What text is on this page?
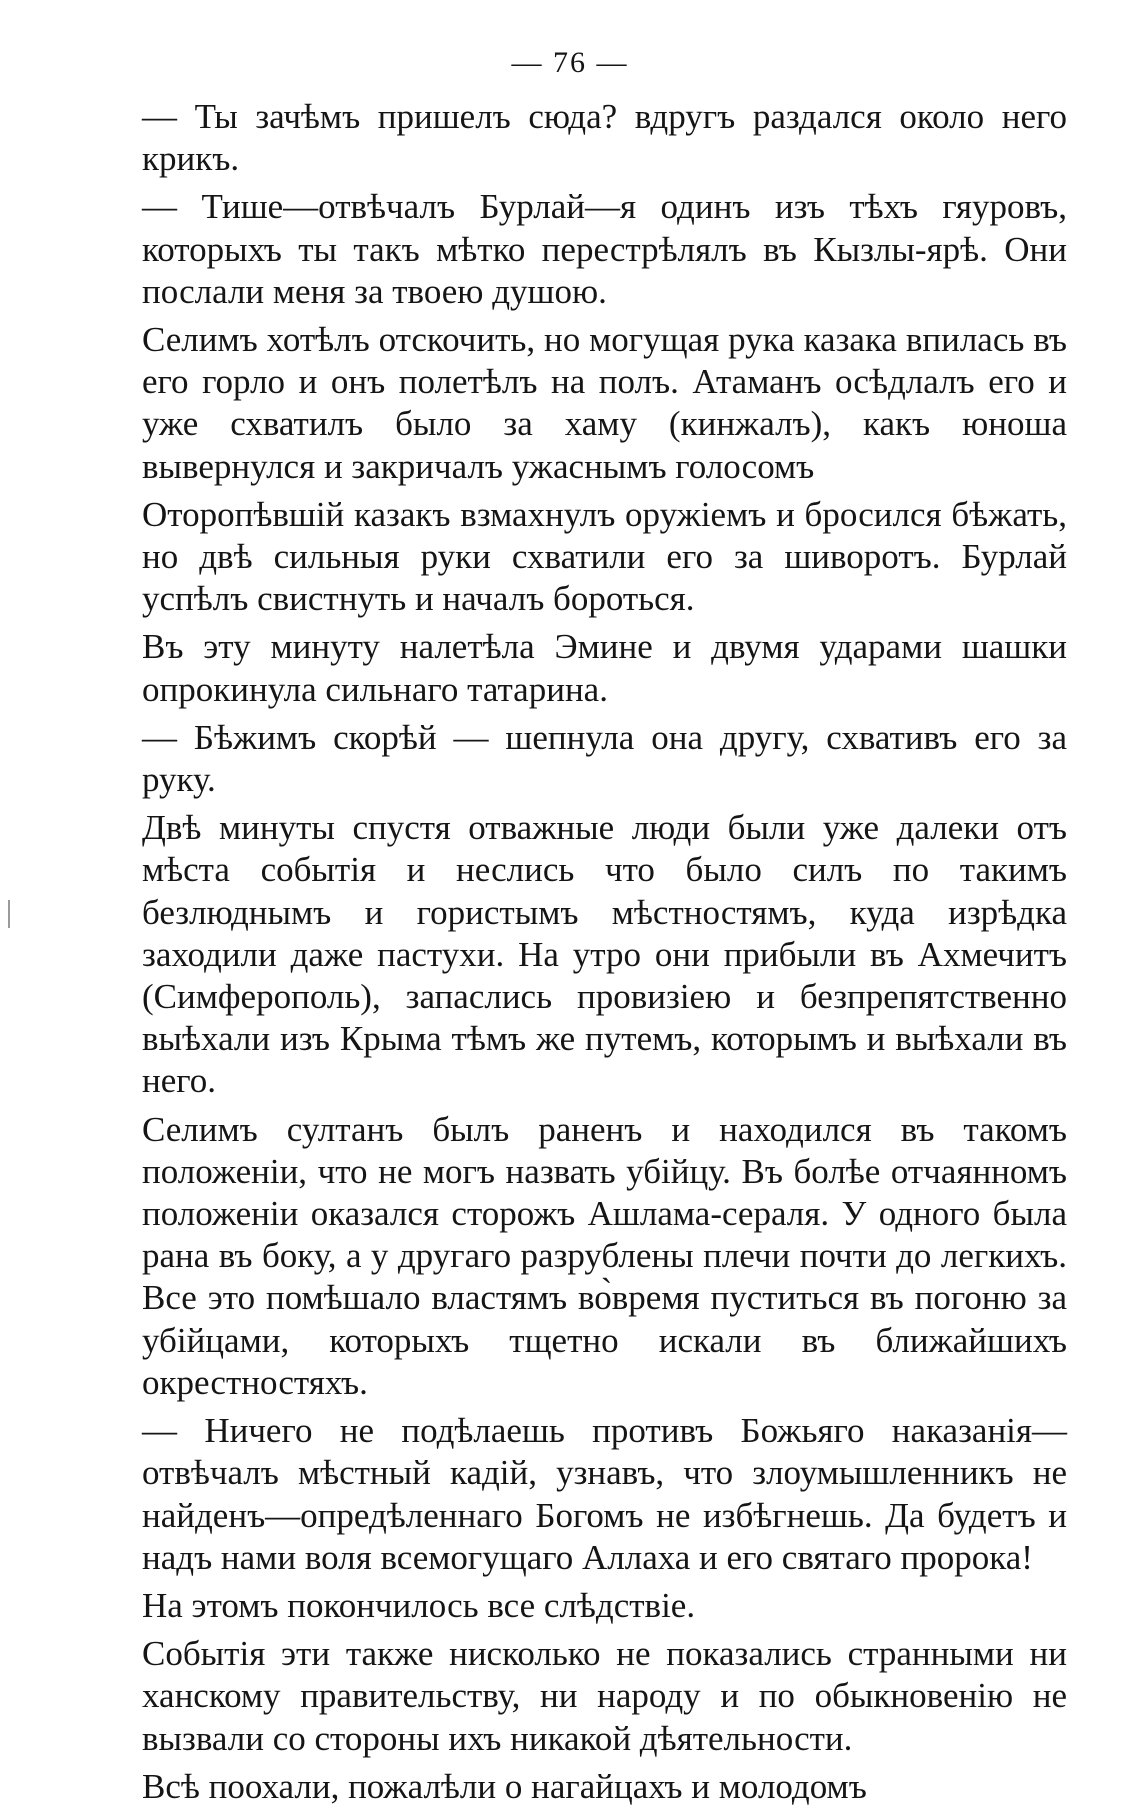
— 76 —

— Ты зачѣмъ пришелъ сюда? вдругъ раздался около него крикъ.

— Тише—отвѣчалъ Бурлай—я одинъ изъ тѣхъ гяуровъ, которыхъ ты такъ мѣтко перестрѣлялъ въ Кызлы-ярѣ. Они послали меня за твоею душою.

Селимъ хотѣлъ отскочить, но могущая рука казака впилась въ его горло и онъ полетѣлъ на полъ. Атаманъ осѣдлалъ его и уже схватилъ было за хаму (кинжалъ), какъ юноша вывернулся и закричалъ ужаснымъ голосомъ

Оторопѣвшій казакъ взмахнулъ оружіемъ и бросился бѣжать, но двѣ сильныя руки схватили его за шиворотъ. Бурлай успѣлъ свистнуть и началъ бороться.

Въ эту минуту налетѣла Эмине и двумя ударами шашки опрокинула сильнаго татарина.

— Бѣжимъ скорѣй — шепнула она другу, схвативъ его за руку.

Двѣ минуты спустя отважные люди были уже далеки отъ мѣста событія и неслись что было силъ по такимъ безлюднымъ и гористымъ мѣстностямъ, куда изрѣдка заходили даже пастухи. На утро они прибыли въ Ахмечитъ (Симферополь), запаслись провизіею и безпрепятственно выѣхали изъ Крыма тѣмъ же путемъ, которымъ и выѣхали въ него.

Селимъ султанъ былъ раненъ и находился въ такомъ положеніи, что не могъ назвать убійцу. Въ болѣе отчаянномъ положеніи оказался сторожъ Ашлама-сераля. У одного была рана въ боку, а у другаго разрублены плечи почти до легкихъ. Все это помѣшало властямъ во̀время пуститься въ погоню за убійцами, которыхъ тщетно искали въ ближайшихъ окрестностяхъ.

— Ничего не подѣлаешь противъ Божьяго наказанія— отвѣчалъ мѣстный кадій, узнавъ, что злоумышленникъ не найденъ—опредѣленнаго Богомъ не избѣгнешь. Да будетъ и надъ нами воля всемогущаго Аллаха и его святаго пророка!

На этомъ покончилось все слѣдствіе.

Событія эти также нисколько не показались странными ни ханскому правительству, ни народу и по обыкновенію не вызвали со стороны ихъ никакой дѣятельности.

Всѣ поохали, пожалѣли о нагайцахъ и молодомъ
